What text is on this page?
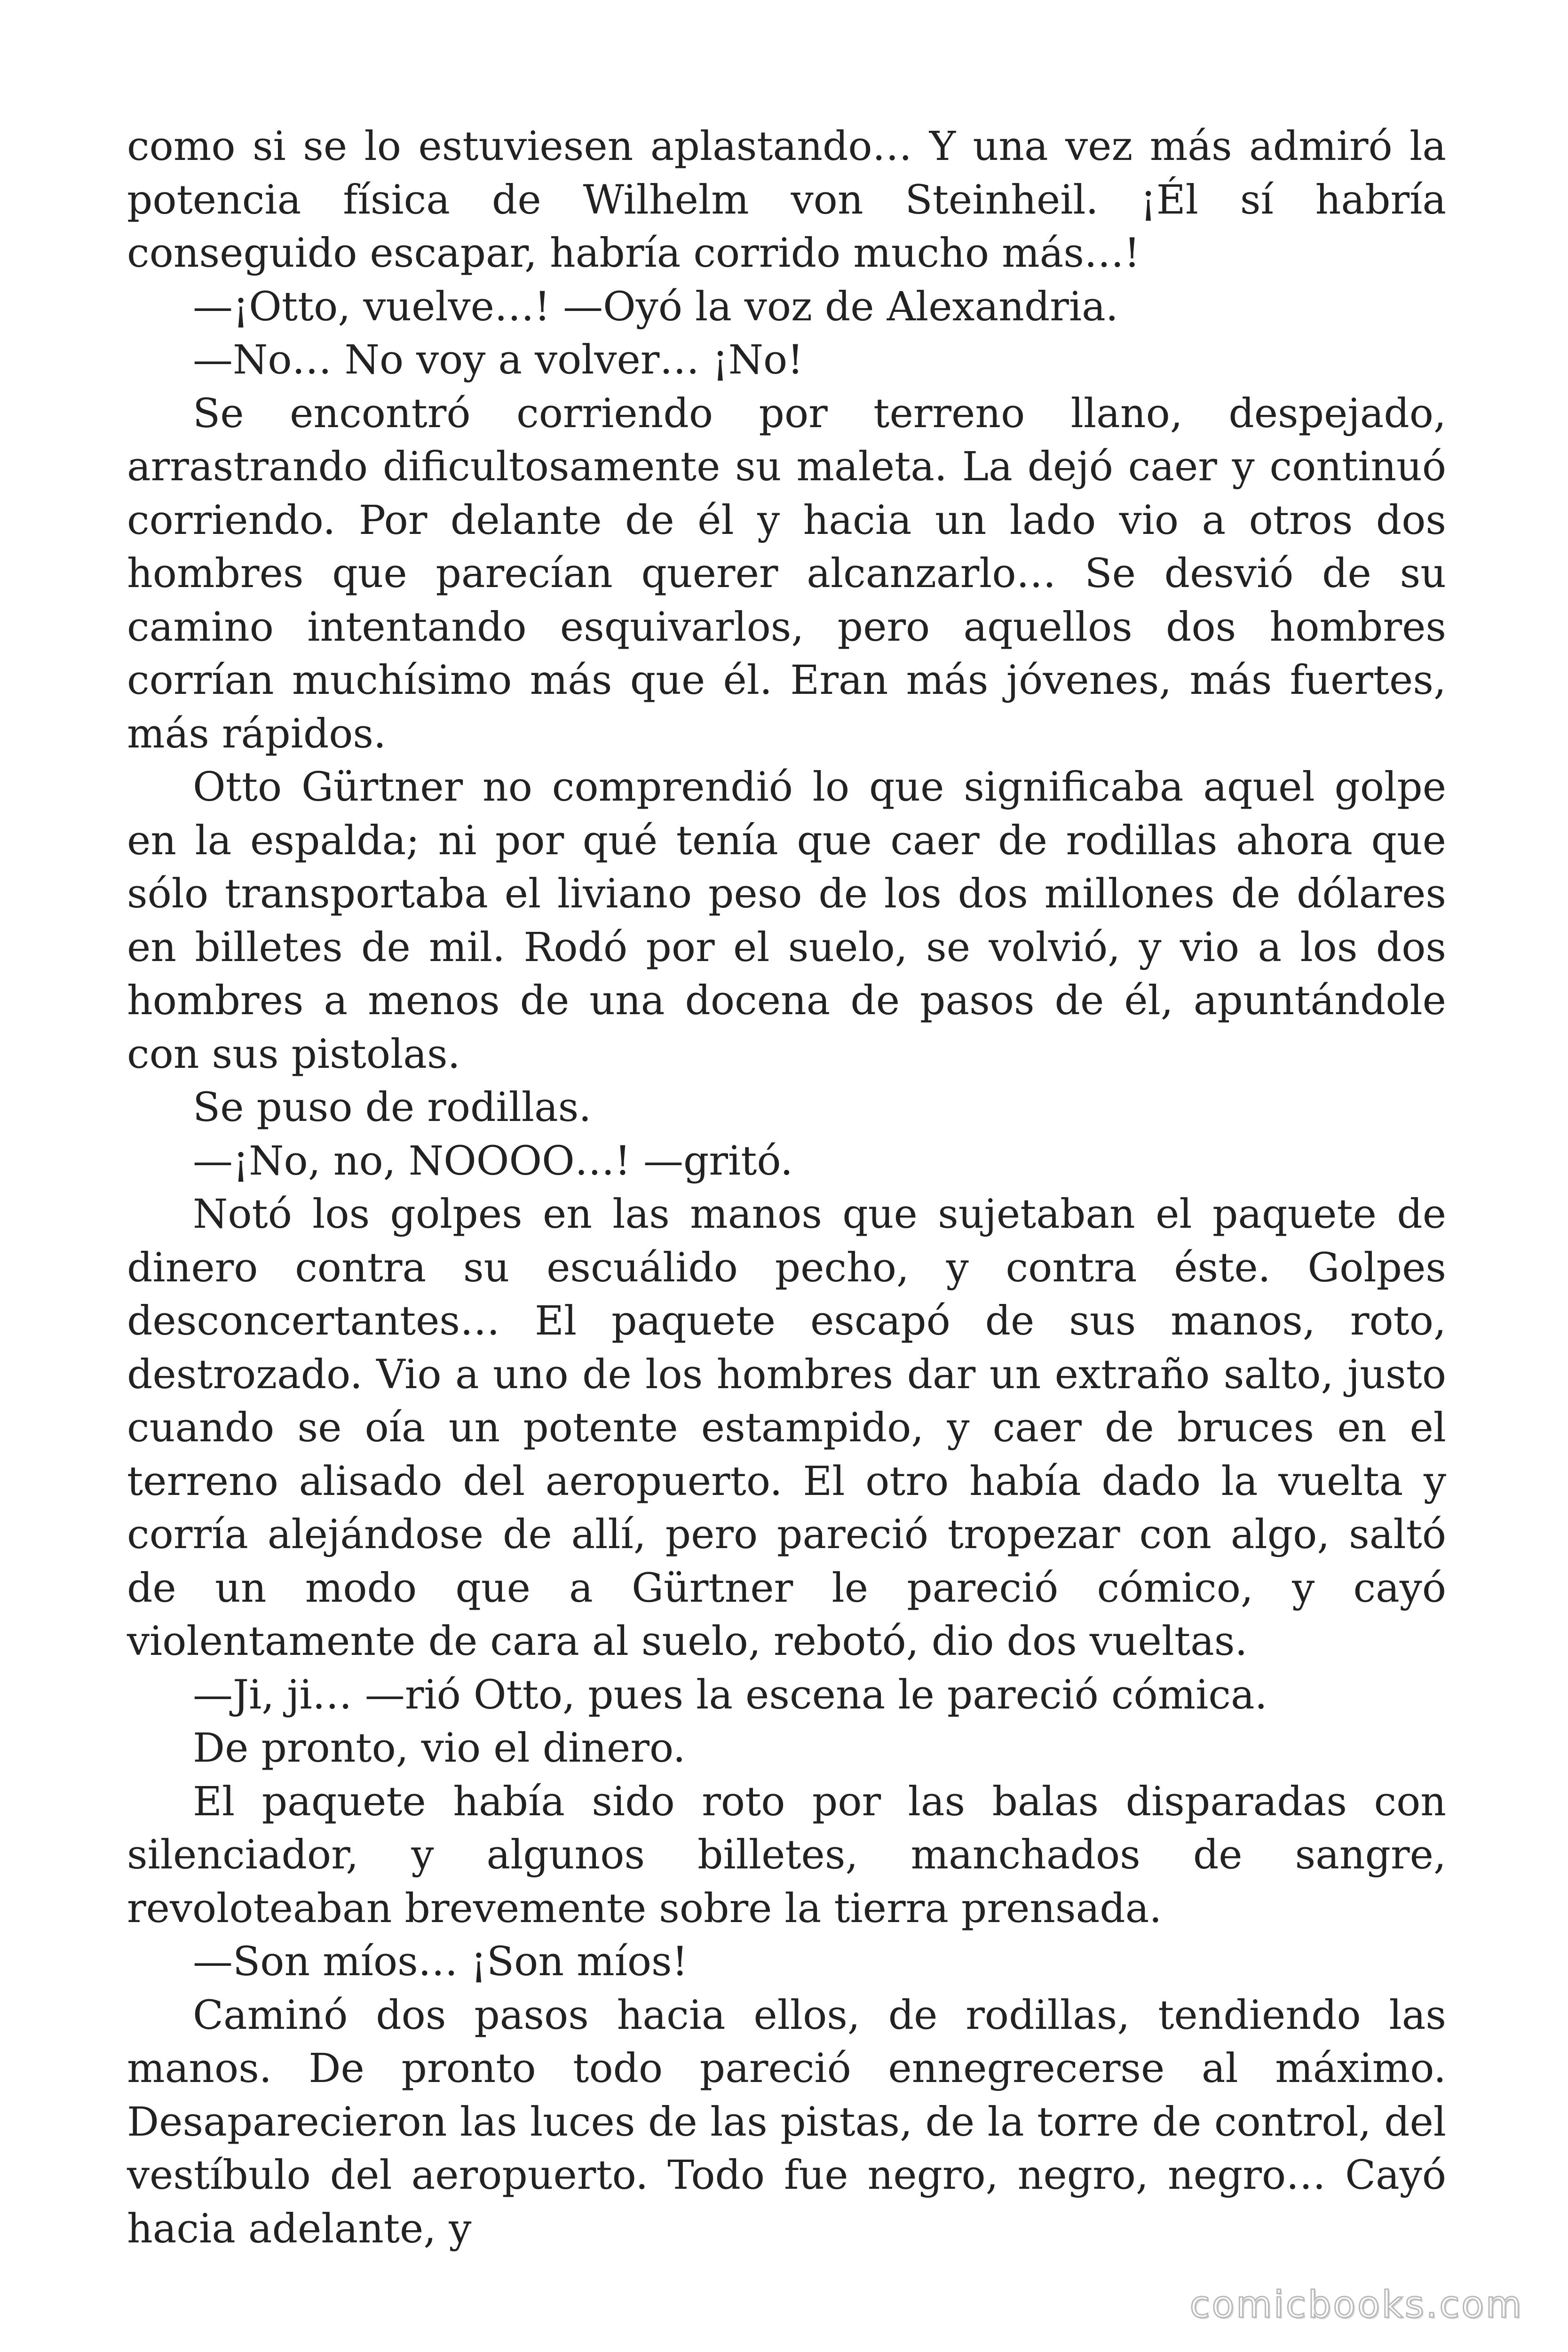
como si se lo estuviesen aplastando… Y una vez más admiró la potencia física de Wilhelm von Steinheil. ¡Él sí habría conseguido escapar, habría corrido mucho más…!

—¡Otto, vuelve…! —Oyó la voz de Alexandria.

—No… No voy a volver… ¡No!

Se encontró corriendo por terreno llano, despejado, arrastrando dificultosamente su maleta. La dejó caer y continuó corriendo. Por delante de él y hacia un lado vio a otros dos hombres que parecían querer alcanzarlo… Se desvió de su camino intentando esquivarlos, pero aquellos dos hombres corrían muchísimo más que él. Eran más jóvenes, más fuertes, más rápidos.

Otto Gürtner no comprendió lo que significaba aquel golpe en la espalda; ni por qué tenía que caer de rodillas ahora que sólo transportaba el liviano peso de los dos millones de dólares en billetes de mil. Rodó por el suelo, se volvió, y vio a los dos hombres a menos de una docena de pasos de él, apuntándole con sus pistolas.

Se puso de rodillas.

—¡No, no, NOOOO…! —gritó.

Notó los golpes en las manos que sujetaban el paquete de dinero contra su escuálido pecho, y contra éste. Golpes desconcertantes… El paquete escapó de sus manos, roto, destrozado. Vio a uno de los hombres dar un extraño salto, justo cuando se oía un potente estampido, y caer de bruces en el terreno alisado del aeropuerto. El otro había dado la vuelta y corría alejándose de allí, pero pareció tropezar con algo, saltó de un modo que a Gürtner le pareció cómico, y cayó violentamente de cara al suelo, rebotó, dio dos vueltas.

—Ji, ji… —rió Otto, pues la escena le pareció cómica.

De pronto, vio el dinero.

El paquete había sido roto por las balas disparadas con silenciador, y algunos billetes, manchados de sangre, revoloteaban brevemente sobre la tierra prensada.

—Son míos… ¡Son míos!

Caminó dos pasos hacia ellos, de rodillas, tendiendo las manos. De pronto todo pareció ennegrecerse al máximo. Desaparecieron las luces de las pistas, de la torre de control, del vestíbulo del aeropuerto. Todo fue negro, negro, negro… Cayó hacia adelante, y

comicbooks.com
